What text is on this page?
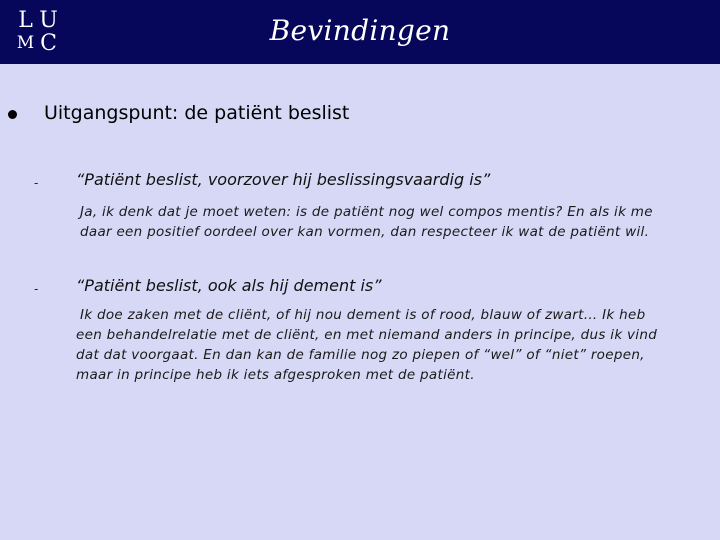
L U
M C	Bevindingen
Uitgangspunt: de patiënt beslist
- “Patiënt beslist, voorzover hij beslissingsvaardig is”
Ja, ik denk dat je moet weten: is de patiënt nog wel compos mentis? En als ik me
daar een positief oordeel over kan vormen, dan respecteer ik wat de patiënt wil.
- “Patiënt beslist, ook als hij dement is”
Ik doe zaken met de cliënt, of hij nou dement is of rood, blauw of zwart… Ik heb
een behandelrelatie met de cliënt, en met niemand anders in principe, dus ik vind
dat dat voorgaat. En dan kan de familie nog zo piepen of “wel” of “niet” roepen,
maar in principe heb ik iets afgesproken met de patiënt.
